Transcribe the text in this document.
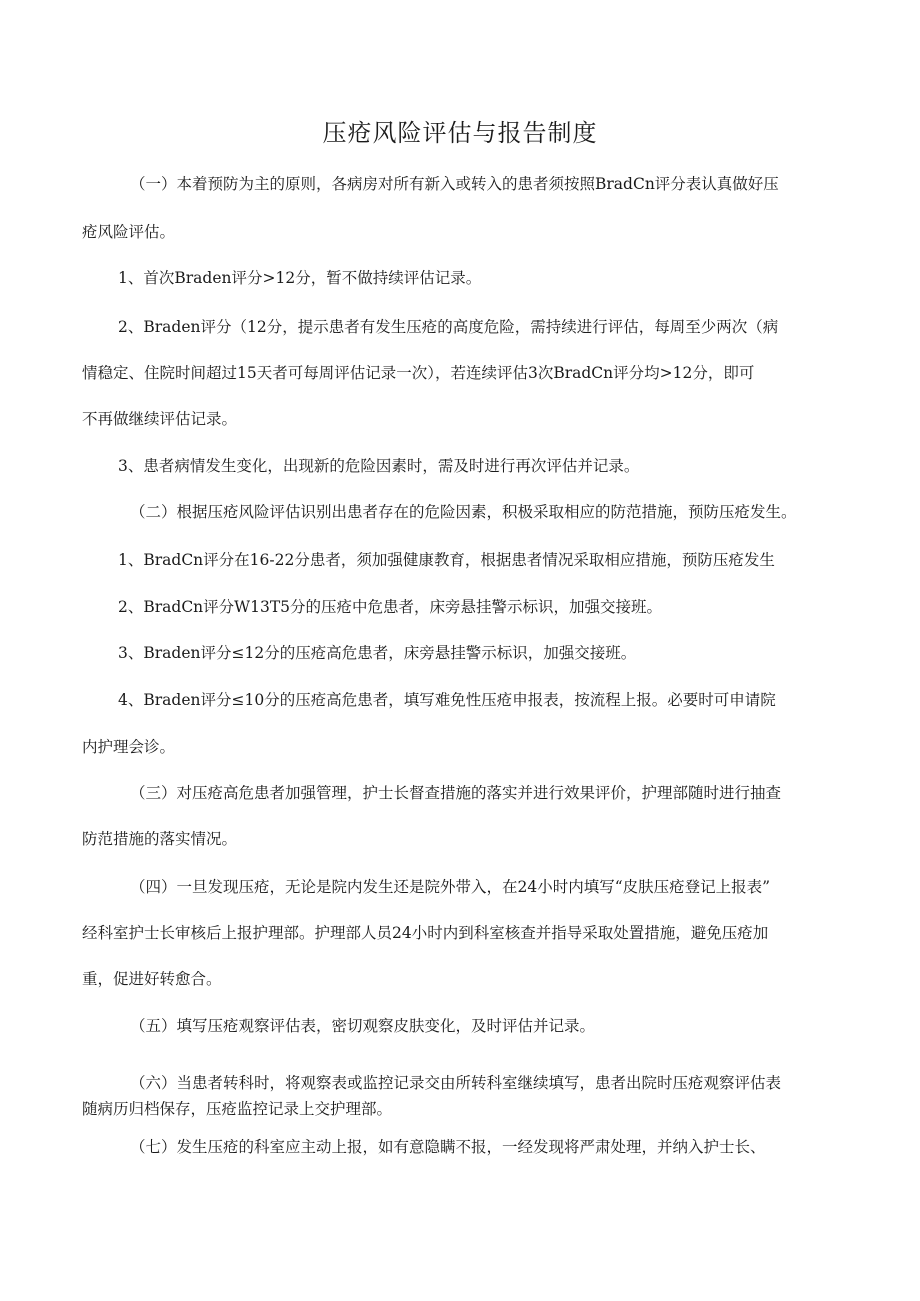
压疮风险评估与报告制度

（一）本着预防为主的原则，各病房对所有新入或转入的患者须按照BradCn评分表认真做好压

疮风险评估。

1、首次Braden评分>12分，暂不做持续评估记录。

2、Braden评分（12分，提示患者有发生压疮的高度危险，需持续进行评估，每周至少两次（病

情稳定、住院时间超过15天者可每周评估记录一次），若连续评估3次BradCn评分均>12分，即可

不再做继续评估记录。

3、患者病情发生变化，出现新的危险因素时，需及时进行再次评估并记录。

（二）根据压疮风险评估识别出患者存在的危险因素，积极采取相应的防范措施，预防压疮发生。

1、BradCn评分在16-22分患者，须加强健康教育，根据患者情况采取相应措施，预防压疮发生

2、BradCn评分W13T5分的压疮中危患者，床旁悬挂警示标识，加强交接班。

3、Braden评分≤12分的压疮高危患者，床旁悬挂警示标识，加强交接班。

4、Braden评分≤10分的压疮高危患者，填写难免性压疮申报表，按流程上报。必要时可申请院

内护理会诊。

（三）对压疮高危患者加强管理，护士长督查措施的落实并进行效果评价，护理部随时进行抽查

防范措施的落实情况。

（四）一旦发现压疮，无论是院内发生还是院外带入，在24小时内填写“皮肤压疮登记上报表”

经科室护士长审核后上报护理部。护理部人员24小时内到科室核查并指导采取处置措施，避免压疮加

重，促进好转愈合。

（五）填写压疮观察评估表，密切观察皮肤变化，及时评估并记录。

（六）当患者转科时，将观察表或监控记录交由所转科室继续填写，患者出院时压疮观察评估表

随病历归档保存，压疮监控记录上交护理部。

（七）发生压疮的科室应主动上报，如有意隐瞒不报，一经发现将严肃处理，并纳入护士长、
